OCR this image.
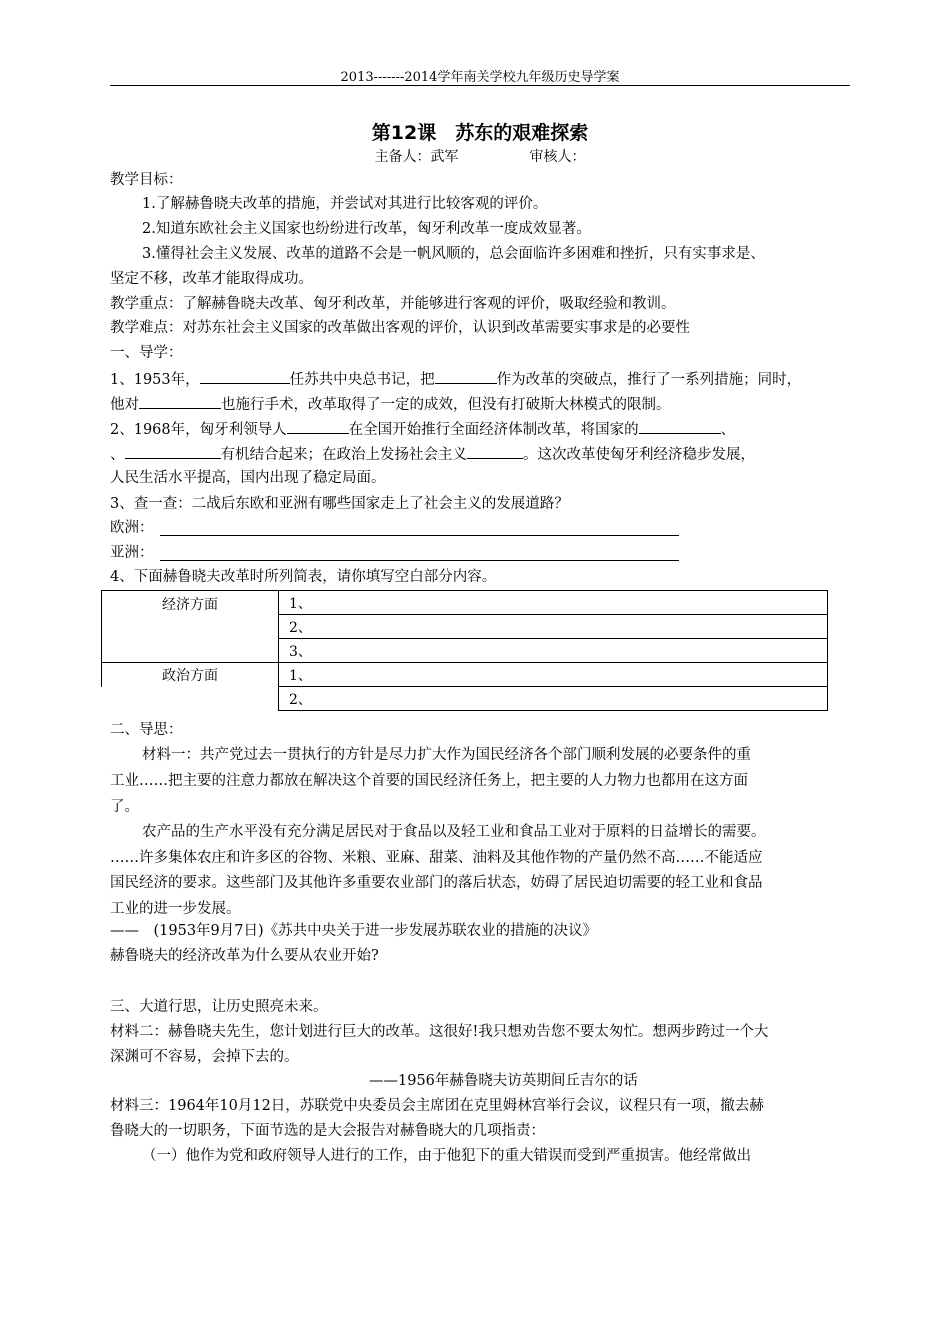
2013-------2014学年南关学校九年级历史导学案
第12课　苏东的艰难探索
主备人：武军	审核人：
教学目标：
1.了解赫鲁晓夫改革的措施，并尝试对其进行比较客观的评价。
2.知道东欧社会主义国家也纷纷进行改革，匈牙利改革一度成效显著。
3.懂得社会主义发展、改革的道路不会是一帆风顺的，总会面临许多困难和挫折，只有实事求是、
坚定不移，改革才能取得成功。
教学重点：了解赫鲁晓夫改革、匈牙利改革，并能够进行客观的评价，吸取经验和教训。
教学难点：对苏东社会主义国家的改革做出客观的评价，认识到改革需要实事求是的必要性
一、导学：
1、1953年，	任苏共中央总书记，把	作为改革的突破点，推行了一系列措施；同时，
他对	也施行手术，改革取得了一定的成效，但没有打破斯大林模式的限制。
2、1968年，匈牙利领导人	在全国开始推行全面经济体制改革，将国家的	、
、	有机结合起来；在政治上发扬社会主义	。这次改革使匈牙利经济稳步发展，
人民生活水平提高，国内出现了稳定局面。
3、查一查：二战后东欧和亚洲有哪些国家走上了社会主义的发展道路？
欧洲：
亚洲：
4、下面赫鲁晓夫改革时所列简表，请你填写空白部分内容。
经济方面	1、
	2、
	3、
政治方面	1、
	2、
二、导思：
材料一：共产党过去一贯执行的方针是尽力扩大作为国民经济各个部门顺利发展的必要条件的重
工业……把主要的注意力都放在解决这个首要的国民经济任务上，把主要的人力物力也都用在这方面
了。
农产品的生产水平没有充分满足居民对于食品以及轻工业和食品工业对于原料的日益增长的需要。
……许多集体农庄和许多区的谷物、米粮、亚麻、甜菜、油料及其他作物的产量仍然不高……不能适应
国民经济的要求。这些部门及其他许多重要农业部门的落后状态，妨碍了居民迫切需要的轻工业和食品
工业的进一步发展。
——　(1953年9月7日)《苏共中央关于进一步发展苏联农业的措施的决议》
赫鲁晓夫的经济改革为什么要从农业开始?
三、大道行思，让历史照亮未来。
材料二：赫鲁晓夫先生，您计划进行巨大的改革。这很好!我只想劝告您不要太匆忙。想两步跨过一个大
深渊可不容易，会掉下去的。
——1956年赫鲁晓夫访英期间丘吉尔的话
材料三：1964年10月12日，苏联党中央委员会主席团在克里姆林宫举行会议，议程只有一项，撤去赫
鲁晓大的一切职务，下面节选的是大会报告对赫鲁晓大的几项指责：
（一）他作为党和政府领导人进行的工作，由于他犯下的重大错误而受到严重损害。他经常做出
